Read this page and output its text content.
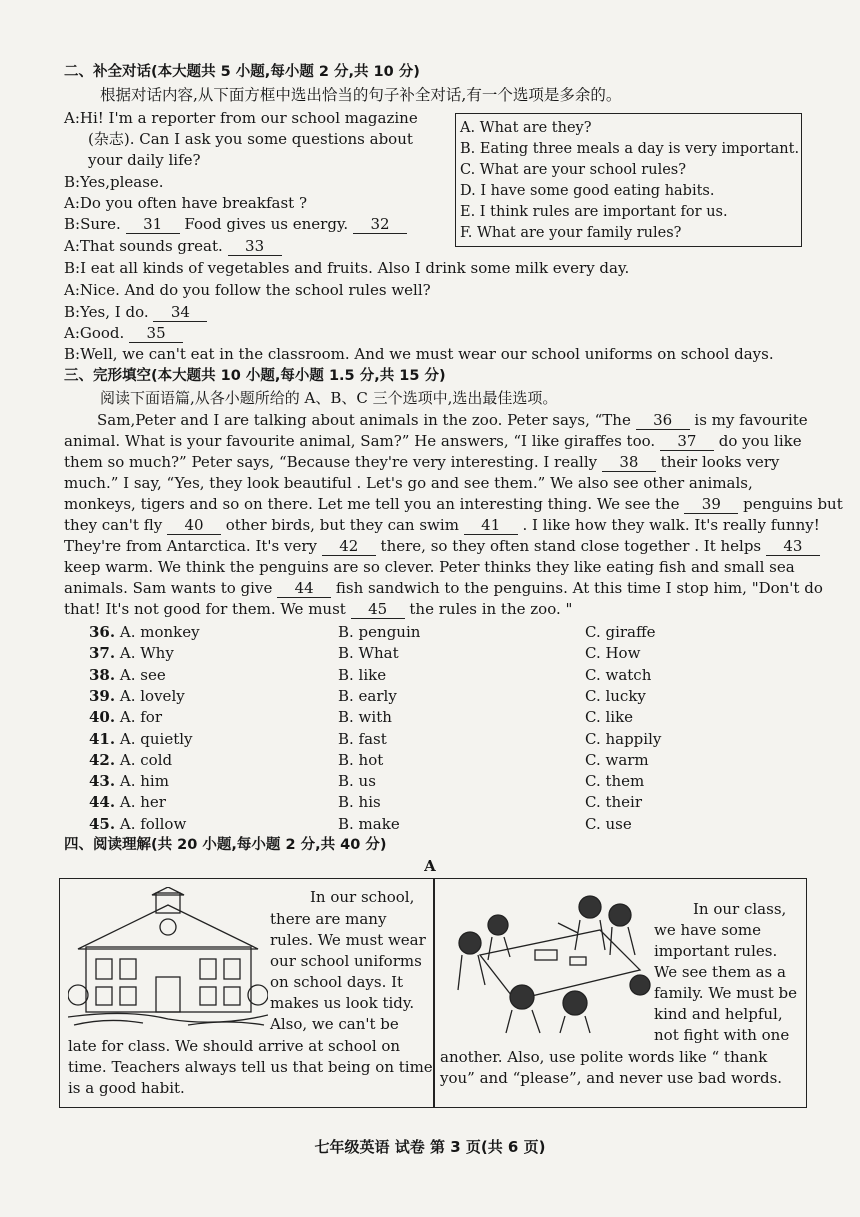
二、补全对话(本大题共 5 小题,每小题 2 分,共 10 分)
根据对话内容,从下面方框中选出恰当的句子补全对话,有一个选项是多余的。
A:Hi! I'm a reporter from our school magazine
(杂志). Can I ask you some questions about
your daily life?
B:Yes,please.
A:Do you often have breakfast ?
B:Sure. 31 Food gives us energy. 32
A:That sounds great. 33
B:I eat all kinds of vegetables and fruits. Also I drink some milk every day.
A:Nice. And do you follow the school rules well?
B:Yes, I do. 34
A:Good. 35
B:Well, we can't eat in the classroom. And we must wear our school uniforms on school days.
A. What are they?
B. Eating three meals a day is very important.
C. What are your school rules?
D. I have some good eating habits.
E. I think rules are important for us.
F. What are your family rules?
三、完形填空(本大题共 10 小题,每小题 1.5 分,共 15 分)
阅读下面语篇,从各小题所给的 A、B、C 三个选项中,选出最佳选项。
Sam,Peter and I are talking about animals in the zoo. Peter says, “The 36 is my favourite
animal. What is your favourite animal, Sam?” He answers, “I like giraffes too. 37 do you like
them so much?” Peter says, “Because they're very interesting. I really 38 their looks very
much.” I say, “Yes, they look beautiful . Let's go and see them.” We also see other animals,
monkeys, tigers and so on there. Let me tell you an interesting thing. We see the 39 penguins but
they can't fly 40 other birds, but they can swim 41 . I like how they walk. It's really funny!
They're from Antarctica. It's very 42 there, so they often stand close together . It helps 43
keep warm. We think the penguins are so clever. Peter thinks they like eating fish and small sea
animals. Sam wants to give 44 fish sandwich to the penguins. At this time I stop him, "Don't do
that! It's not good for them. We must 45 the rules in the zoo. "
36. A. monkey	B. penguin	C. giraffe
37. A. Why	B. What	C. How
38. A. see	B. like	C. watch
39. A. lovely	B. early	C. lucky
40. A. for	B. with	C. like
41. A. quietly	B. fast	C. happily
42. A. cold	B. hot	C. warm
43. A. him	B. us	C. them
44. A. her	B. his	C. their
45. A. follow	B. make	C. use
四、阅读理解(共 20 小题,每小题 2 分,共 40 分)
A
In our school,
there are many
rules. We must wear
our school uniforms
on school days. It
makes us look tidy.
Also, we can't be
late for class. We should arrive at school on
time. Teachers always tell us that being on time
is a good habit.
In our class,
we have some
important rules.
We see them as a
family. We must be
kind and helpful,
not fight with one
another. Also, use polite words like “ thank
you” and “please”, and never use bad words.
七年级英语 试卷 第 3 页(共 6 页)
